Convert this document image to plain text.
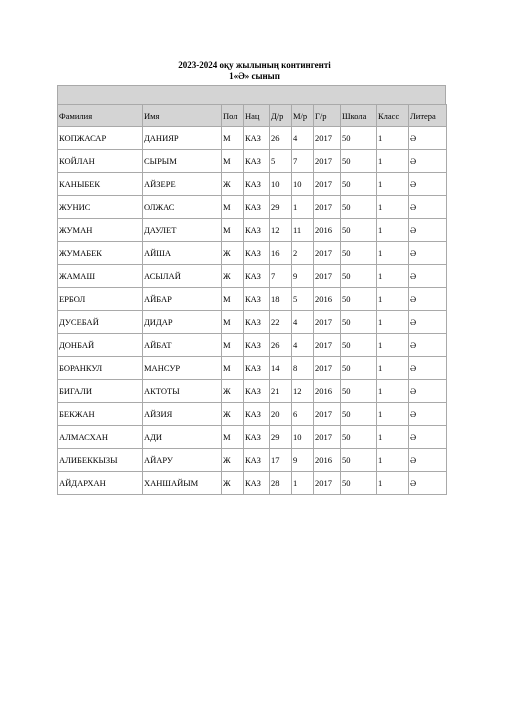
2023-2024 оқу жылының контингенті
1«Ә» сынып
Фамилия	Имя	Пол	Нац	Д/р	М/р	Г/р	Школа	Класс	Литера
КОПЖАСАР	ДАНИЯР	М	КАЗ	26	4	2017	50	1	Ә
КОЙЛАН	СЫРЫМ	М	КАЗ	5	7	2017	50	1	Ә
КАНЫБЕК	АЙЗЕРЕ	Ж	КАЗ	10	10	2017	50	1	Ә
ЖУНИС	ОЛЖАС	М	КАЗ	29	1	2017	50	1	Ә
ЖУМАН	ДАУЛЕТ	М	КАЗ	12	11	2016	50	1	Ә
ЖУМАБЕК	АЙША	Ж	КАЗ	16	2	2017	50	1	Ә
ЖАМАШ	АСЫЛАЙ	Ж	КАЗ	7	9	2017	50	1	Ә
ЕРБОЛ	АЙБАР	М	КАЗ	18	5	2016	50	1	Ә
ДУСЕБАЙ	ДИДАР	М	КАЗ	22	4	2017	50	1	Ә
ДОНБАЙ	АЙБАТ	М	КАЗ	26	4	2017	50	1	Ә
БОРАНКУЛ	МАНСУР	М	КАЗ	14	8	2017	50	1	Ә
БИГАЛИ	АКТОТЫ	Ж	КАЗ	21	12	2016	50	1	Ә
БЕКЖАН	АЙЗИЯ	Ж	КАЗ	20	6	2017	50	1	Ә
АЛМАСХАН	АДИ	М	КАЗ	29	10	2017	50	1	Ә
АЛИБЕККЫЗЫ	АЙАРУ	Ж	КАЗ	17	9	2016	50	1	Ә
АЙДАРХАН	ХАНШАЙЫМ	Ж	КАЗ	28	1	2017	50	1	Ә
